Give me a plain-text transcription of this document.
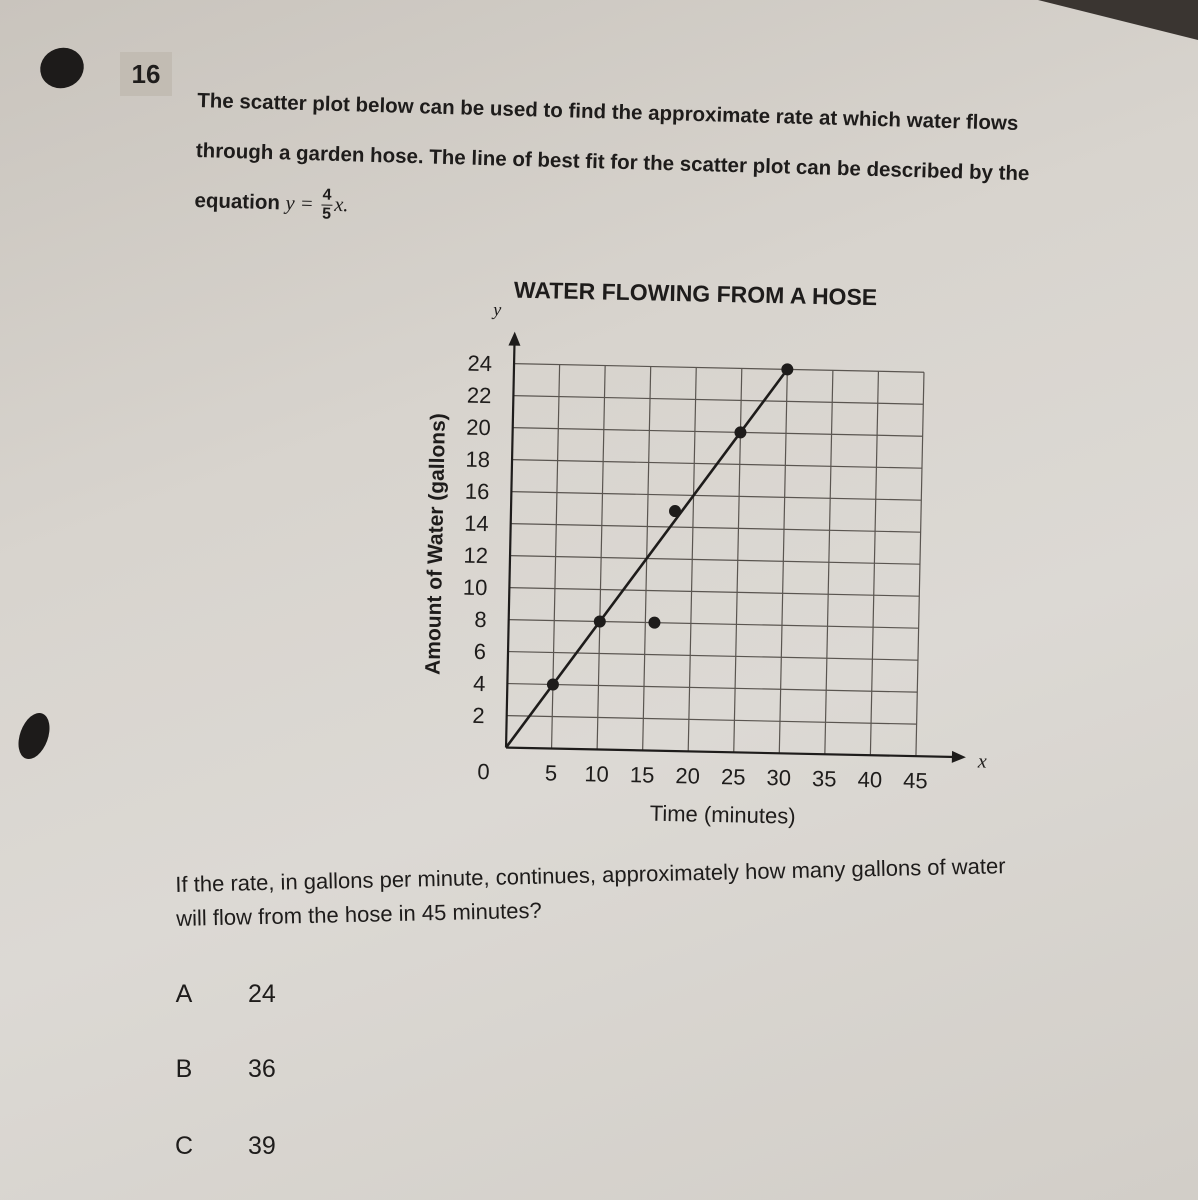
16

The scatter plot below can be used to find the approximate rate at which water flows

through a garden hose. The line of best fit for the scatter plot can be described by the

equation $y = \frac{4}{5} x$.

WATER FLOWING FROM A HOSE
2
4
6
8
10
12
14
16
18
20
22
24
5 10 15 20 25 30 35 40 45
x
y
0
Time (minutes)
Amount of Water (gallons)

If the rate, in gallons per minute, continues, approximately how many gallons of water

will flow from the hose in 45 minutes?

A 24
B 36
C 39
